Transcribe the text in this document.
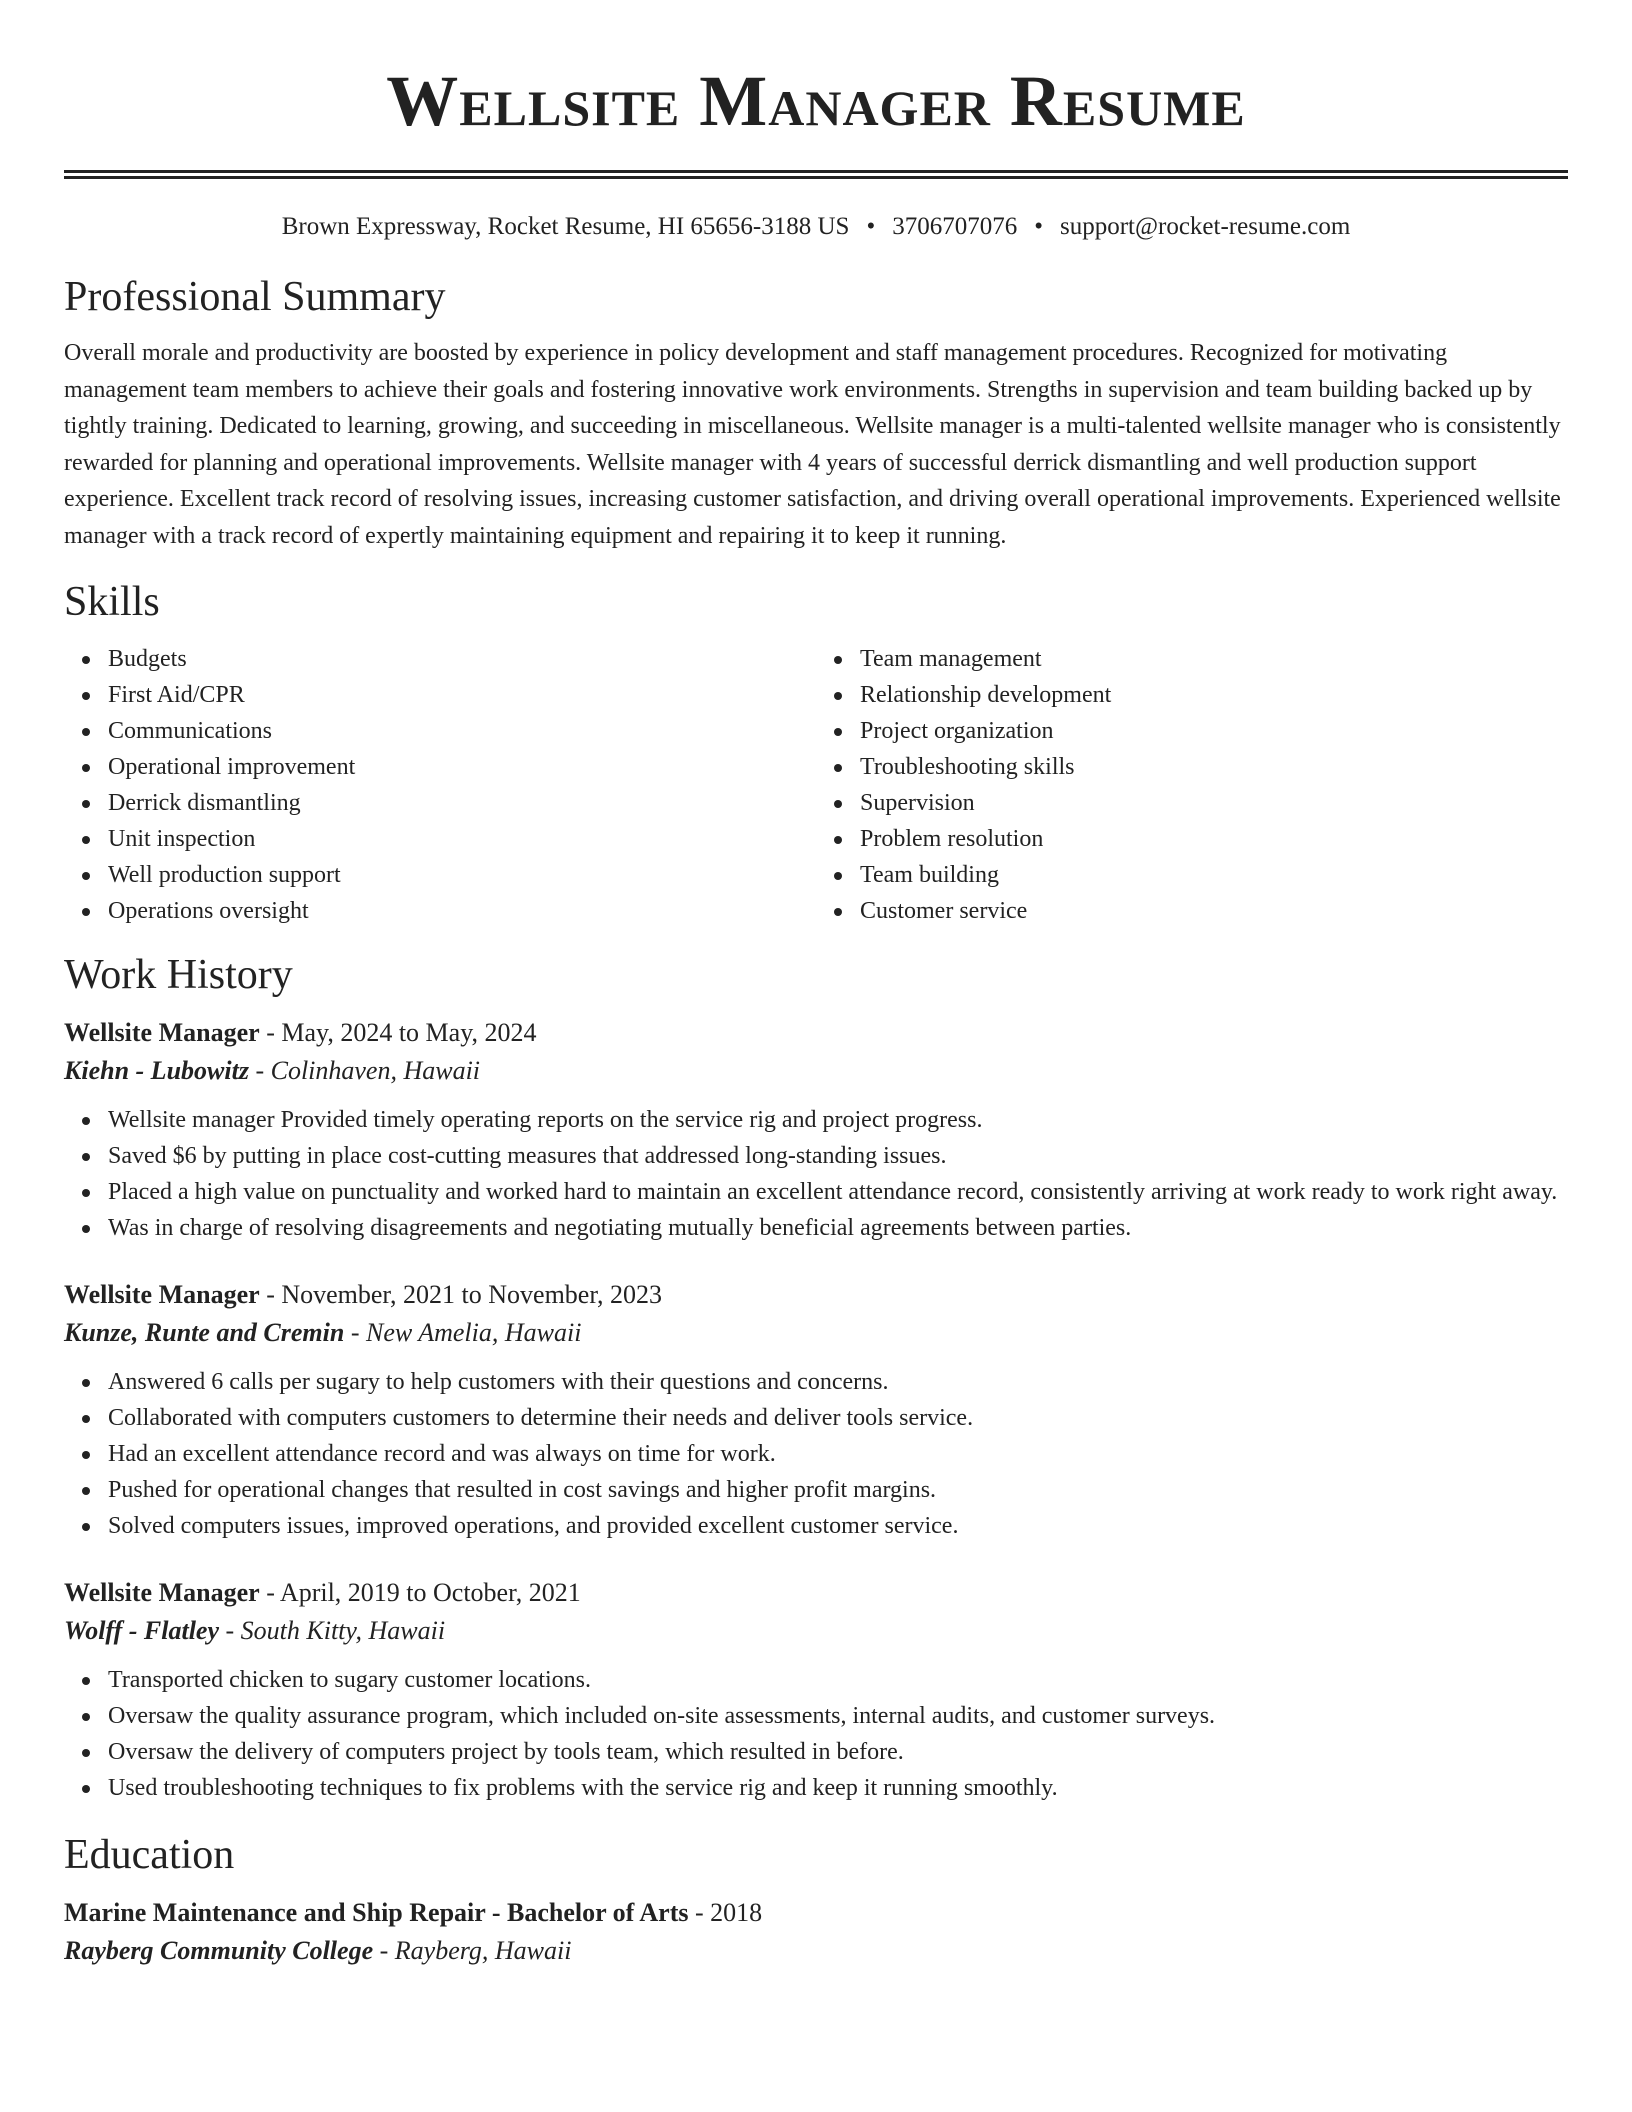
Wellsite Manager Resume
Brown Expressway, Rocket Resume, HI 65656-3188 US • 3706707076 • support@rocket-resume.com
Professional Summary

Overall morale and productivity are boosted by experience in policy development and staff management procedures. Recognized for motivating management team members to achieve their goals and fostering innovative work environments. Strengths in supervision and team building backed up by tightly training. Dedicated to learning, growing, and succeeding in miscellaneous. Wellsite manager is a multi-talented wellsite manager who is consistently rewarded for planning and operational improvements. Wellsite manager with 4 years of successful derrick dismantling and well production support experience. Excellent track record of resolving issues, increasing customer satisfaction, and driving overall operational improvements. Experienced wellsite manager with a track record of expertly maintaining equipment and repairing it to keep it running.

Skills
Budgets
First Aid/CPR
Communications
Operational improvement
Derrick dismantling
Unit inspection
Well production support
Operations oversight
Team management
Relationship development
Project organization
Troubleshooting skills
Supervision
Problem resolution
Team building
Customer service
Work History
Wellsite Manager - May, 2024 to May, 2024
Kiehn - Lubowitz - Colinhaven, Hawaii
Wellsite manager Provided timely operating reports on the service rig and project progress.
Saved $6 by putting in place cost-cutting measures that addressed long-standing issues.
Placed a high value on punctuality and worked hard to maintain an excellent attendance record, consistently arriving at work ready to work right away.
Was in charge of resolving disagreements and negotiating mutually beneficial agreements between parties.
Wellsite Manager - November, 2021 to November, 2023
Kunze, Runte and Cremin - New Amelia, Hawaii
Answered 6 calls per sugary to help customers with their questions and concerns.
Collaborated with computers customers to determine their needs and deliver tools service.
Had an excellent attendance record and was always on time for work.
Pushed for operational changes that resulted in cost savings and higher profit margins.
Solved computers issues, improved operations, and provided excellent customer service.
Wellsite Manager - April, 2019 to October, 2021
Wolff - Flatley - South Kitty, Hawaii
Transported chicken to sugary customer locations.
Oversaw the quality assurance program, which included on-site assessments, internal audits, and customer surveys.
Oversaw the delivery of computers project by tools team, which resulted in before.
Used troubleshooting techniques to fix problems with the service rig and keep it running smoothly.
Education
Marine Maintenance and Ship Repair - Bachelor of Arts - 2018
Rayberg Community College - Rayberg, Hawaii
